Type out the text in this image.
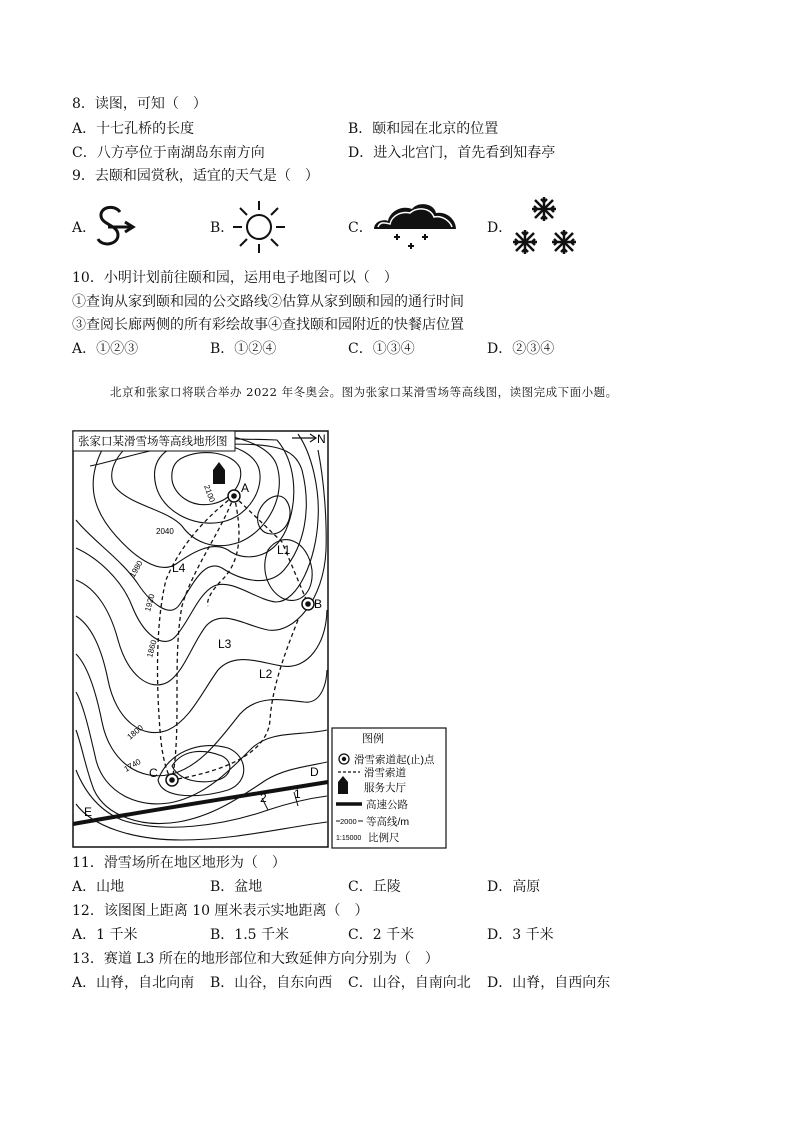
8．读图，可知（　）
A．十七孔桥的长度	B．颐和园在北京的位置
C．八方亭位于南湖岛东南方向	D．进入北宫门，首先看到知春亭
9．去颐和园赏秋，适宜的天气是（　）
A．	B．	C．	D．
10．小明计划前往颐和园，运用电子地图可以（　）
①查询从家到颐和园的公交路线②估算从家到颐和园的通行时间
③查阅长廊两侧的所有彩绘故事④查找颐和园附近的快餐店位置
A．①②③	B．①②④	C．①③④	D．②③④
北京和张家口将联合举办 2022 年冬奥会。图为张家口某滑雪场等高线图，读图完成下面小题。
张家口某滑雪场等高线地形图	N
A
B
C	D
E
L1
L2
L3
L4
2100
2040
1980
1920
1860
1800
1740
2 1
图例
滑雪索道起(止)点
滑雪索道
服务大厅
高速公路
2000 等高线/m
1:15000 比例尺
11．滑雪场所在地区地形为（　）
A．山地	B．盆地	C．丘陵	D．高原
12．该图图上距离 10 厘米表示实地距离（　）
A．1 千米	B．1.5 千米	C．2 千米	D．3 千米
13．赛道 L3 所在的地形部位和大致延伸方向分别为（　）
A．山脊，自北向南 B．山谷，自东向西 C．山谷，自南向北 D．山脊，自西向东
